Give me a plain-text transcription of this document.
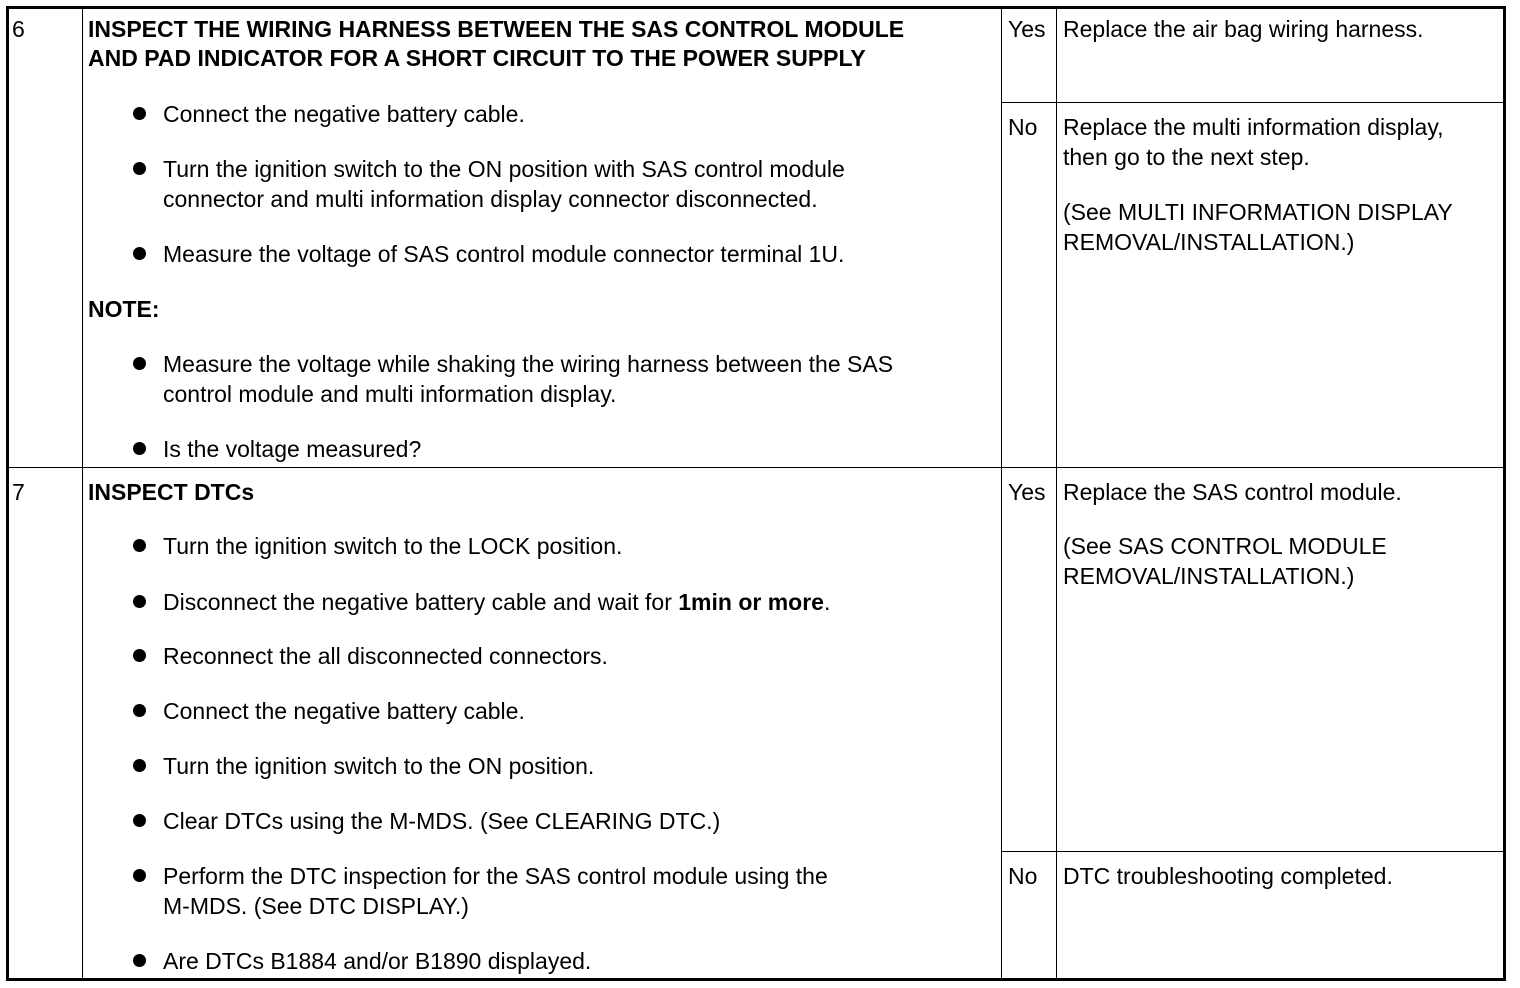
6	INSPECT THE WIRING HARNESS BETWEEN THE SAS CONTROL MODULE
AND PAD INDICATOR FOR A SHORT CIRCUIT TO THE POWER SUPPLY
Connect the negative battery cable.
Turn the ignition switch to the ON position with SAS control module
connector and multi information display connector disconnected.
Measure the voltage of SAS control module connector terminal 1U.
NOTE:
Measure the voltage while shaking the wiring harness between the SAS
control module and multi information display.
Is the voltage measured?
Yes Replace the air bag wiring harness.
No Replace the multi information display,
then go to the next step.
(See MULTI INFORMATION DISPLAY
REMOVAL/INSTALLATION.)
7	INSPECT DTCs
Turn the ignition switch to the LOCK position.
Disconnect the negative battery cable and wait for 1min or more.
Reconnect the all disconnected connectors.
Connect the negative battery cable.
Turn the ignition switch to the ON position.
Clear DTCs using the M-MDS. (See CLEARING DTC.)
Perform the DTC inspection for the SAS control module using the
M-MDS. (See DTC DISPLAY.)
Are DTCs B1884 and/or B1890 displayed.
Yes Replace the SAS control module.
(See SAS CONTROL MODULE
REMOVAL/INSTALLATION.)
No DTC troubleshooting completed.
